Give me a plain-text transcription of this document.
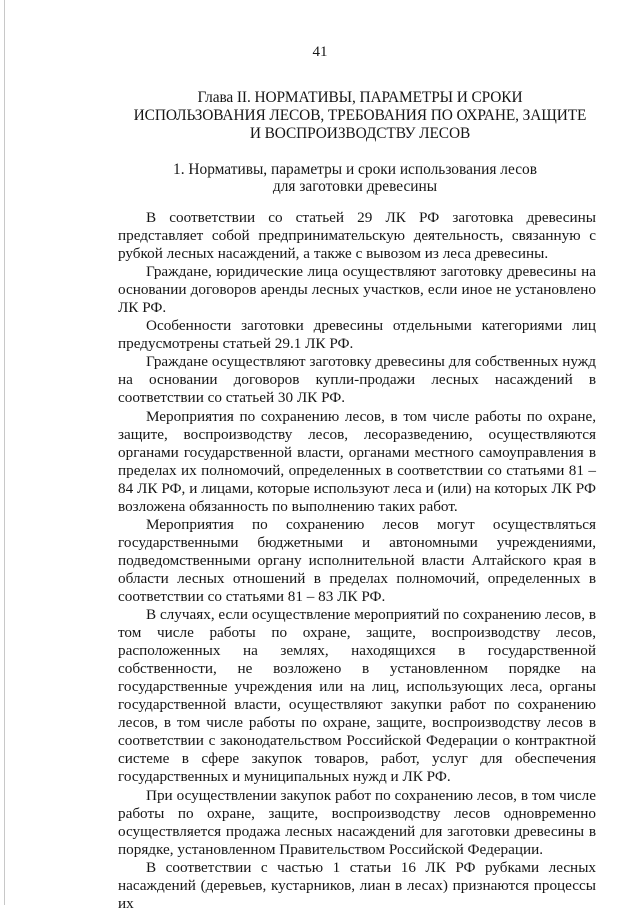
41
Глава II. НОРМАТИВЫ, ПАРАМЕТРЫ И СРОКИ ИСПОЛЬЗОВАНИЯ ЛЕСОВ, ТРЕБОВАНИЯ ПО ОХРАНЕ, ЗАЩИТЕ И ВОСПРОИЗВОДСТВУ ЛЕСОВ
1. Нормативы, параметры и сроки использования лесов для заготовки древесины

В соответствии со статьей 29 ЛК РФ заготовка древесины представляет собой предпринимательскую деятельность, связанную с рубкой лесных насаждений, а также с вывозом из леса древесины.

Граждане, юридические лица осуществляют заготовку древесины на основании договоров аренды лесных участков, если иное не установлено ЛК РФ.

Особенности заготовки древесины отдельными категориями лиц предусмотрены статьей 29.1 ЛК РФ.

Граждане осуществляют заготовку древесины для собственных нужд на основании договоров купли-продажи лесных насаждений в соответствии со статьей 30 ЛК РФ.

Мероприятия по сохранению лесов, в том числе работы по охране, защите, воспроизводству лесов, лесоразведению, осуществляются органами государственной власти, органами местного самоуправления в пределах их полномочий, определенных в соответствии со статьями 81 – 84 ЛК РФ, и лицами, которые используют леса и (или) на которых ЛК РФ возложена обязанность по выполнению таких работ.

Мероприятия по сохранению лесов могут осуществляться государственными бюджетными и автономными учреждениями, подведомственными органу исполнительной власти Алтайского края в области лесных отношений в пределах полномочий, определенных в соответствии со статьями 81 – 83 ЛК РФ.

В случаях, если осуществление мероприятий по сохранению лесов, в том числе работы по охране, защите, воспроизводству лесов, расположенных на землях, находящихся в государственной собственности, не возложено в установленном порядке на государственные учреждения или на лиц, использующих леса, органы государственной власти, осуществляют закупки работ по сохранению лесов, в том числе работы по охране, защите, воспроизводству лесов в соответствии с законодательством Российской Федерации о контрактной системе в сфере закупок товаров, работ, услуг для обеспечения государственных и муниципальных нужд и ЛК РФ.

При осуществлении закупок работ по сохранению лесов, в том числе работы по охране, защите, воспроизводству лесов одновременно осуществляется продажа лесных насаждений для заготовки древесины в порядке, установленном Правительством Российской Федерации.

В соответствии с частью 1 статьи 16 ЛК РФ рубками лесных насаждений (деревьев, кустарников, лиан в лесах) признаются процессы их
